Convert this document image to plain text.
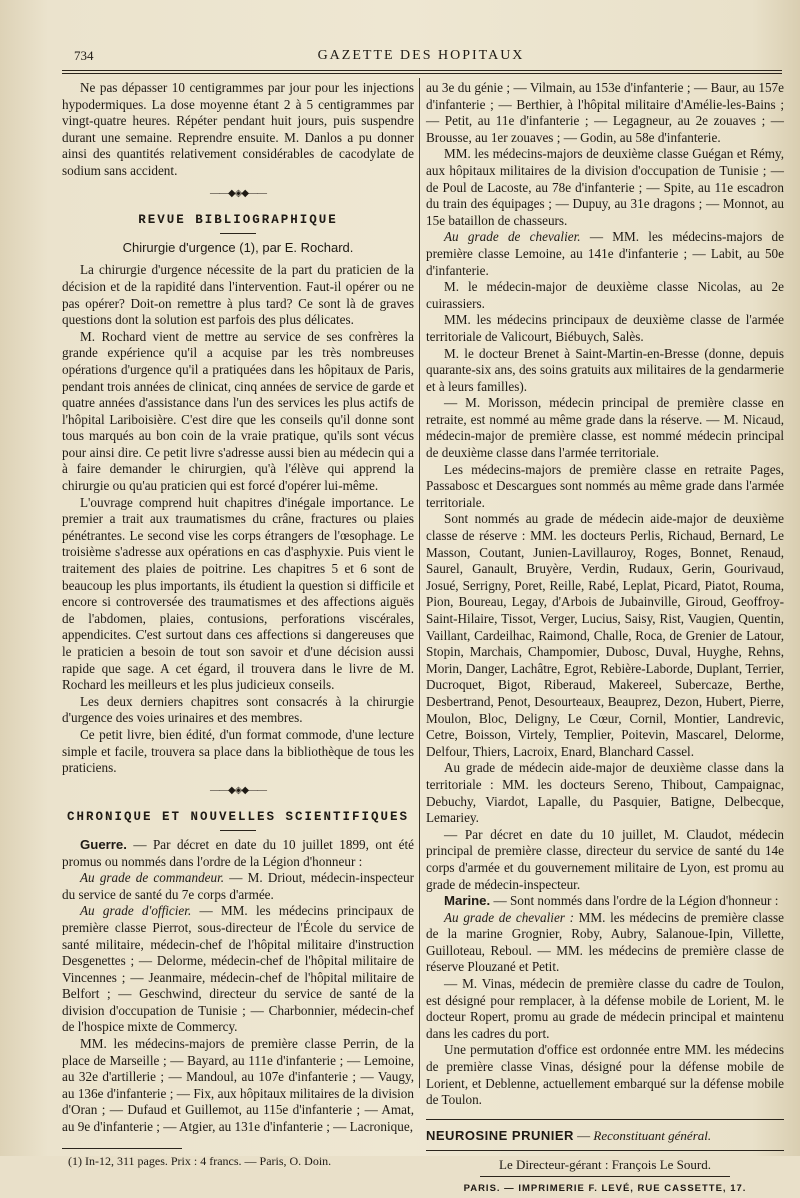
734	GAZETTE DES HOPITAUX

Ne pas dépasser 10 centigrammes par jour pour les injections hypodermiques. La dose moyenne étant 2 à 5 centigrammes par vingt-quatre heures. Répéter pendant huit jours, puis suspendre durant une semaine. Reprendre ensuite. M. Danlos a pu donner ainsi des quantités relativement considérables de cacodylate de sodium sans accident.

——◆◈◆——
REVUE BIBLIOGRAPHIQUE
Chirurgie d'urgence (1), par E. Rochard.

La chirurgie d'urgence nécessite de la part du praticien de la décision et de la rapidité dans l'intervention. Faut-il opérer ou ne pas opérer? Doit-on remettre à plus tard? Ce sont là de graves questions dont la solution est parfois des plus délicates.

M. Rochard vient de mettre au service de ses confrères la grande expérience qu'il a acquise par les très nombreuses opérations d'urgence qu'il a pratiquées dans les hôpitaux de Paris, pendant trois années de clinicat, cinq années de service de garde et quatre années d'assistance dans l'un des services les plus actifs de l'hôpital Lariboisière. C'est dire que les conseils qu'il donne sont tous marqués au bon coin de la vraie pratique, qu'ils sont vécus pour ainsi dire. Ce petit livre s'adresse aussi bien au médecin qui a à faire demander le chirurgien, qu'à l'élève qui apprend la chirurgie ou qu'au praticien qui est forcé d'opérer lui-même.

L'ouvrage comprend huit chapitres d'inégale importance. Le premier a trait aux traumatismes du crâne, fractures ou plaies pénétrantes. Le second vise les corps étrangers de l'œsophage. Le troisième s'adresse aux opérations en cas d'asphyxie. Puis vient le traitement des plaies de poitrine. Les chapitres 5 et 6 sont de beaucoup les plus importants, ils étudient la question si difficile et encore si controversée des traumatismes et des affections aiguës de l'abdomen, plaies, contusions, perforations viscérales, appendicites. C'est surtout dans ces affections si dangereuses que le praticien a besoin de tout son savoir et d'une décision aussi rapide que sage. A cet égard, il trouvera dans le livre de M. Rochard les meilleurs et les plus judicieux conseils.

Les deux derniers chapitres sont consacrés à la chirurgie d'urgence des voies urinaires et des membres.

Ce petit livre, bien édité, d'un format commode, d'une lecture simple et facile, trouvera sa place dans la bibliothèque de tous les praticiens.

——◆◈◆——
CHRONIQUE ET NOUVELLES SCIENTIFIQUES

Guerre. — Par décret en date du 10 juillet 1899, ont été promus ou nommés dans l'ordre de la Légion d'honneur :

Au grade de commandeur. — M. Driout, médecin-inspecteur du service de santé du 7e corps d'armée.

Au grade d'officier. — MM. les médecins principaux de première classe Pierrot, sous-directeur de l'École du service de santé militaire, médecin-chef de l'hôpital militaire d'instruction Desgenettes ; — Delorme, médecin-chef de l'hôpital militaire de Vincennes ; — Jeanmaire, médecin-chef de l'hôpital militaire de Belfort ; — Geschwind, directeur du service de santé de la division d'occupation de Tunisie ; — Charbonnier, médecin-chef de l'hospice mixte de Commercy.

MM. les médecins-majors de première classe Perrin, de la place de Marseille ; — Bayard, au 111e d'infanterie ; — Lemoine, au 32e d'artillerie ; — Mandoul, au 107e d'infanterie ; — Vaugy, au 136e d'infanterie ; — Fix, aux hôpitaux militaires de la division d'Oran ; — Dufaud et Guillemot, au 115e d'infanterie ; — Amat, au 9e d'infanterie ; — Atgier, au 131e d'infanterie ; — Lacronique,

(1) In-12, 311 pages. Prix : 4 francs. — Paris, O. Doin.

au 3e du génie ; — Vilmain, au 153e d'infanterie ; — Baur, au 157e d'infanterie ; — Berthier, à l'hôpital militaire d'Amélie-les-Bains ; — Petit, au 11e d'infanterie ; — Legagneur, au 2e zouaves ; — Brousse, au 1er zouaves ; — Godin, au 58e d'infanterie.

MM. les médecins-majors de deuxième classe Guégan et Rémy, aux hôpitaux militaires de la division d'occupation de Tunisie ; — de Poul de Lacoste, au 78e d'infanterie ; — Spite, au 11e escadron du train des équipages ; — Dupuy, au 31e dragons ; — Monnot, au 15e bataillon de chasseurs.

Au grade de chevalier. — MM. les médecins-majors de première classe Lemoine, au 141e d'infanterie ; — Labit, au 50e d'infanterie.

M. le médecin-major de deuxième classe Nicolas, au 2e cuirassiers.

MM. les médecins principaux de deuxième classe de l'armée territoriale de Valicourt, Biébuych, Salès.

M. le docteur Brenet à Saint-Martin-en-Bresse (donne, depuis quarante-six ans, des soins gratuits aux militaires de la gendarmerie et à leurs familles).

— M. Morisson, médecin principal de première classe en retraite, est nommé au même grade dans la réserve. — M. Nicaud, médecin-major de première classe, est nommé médecin principal de deuxième classe dans l'armée territoriale.

Les médecins-majors de première classe en retraite Pages, Passabosc et Descargues sont nommés au même grade dans l'armée territoriale.

Sont nommés au grade de médecin aide-major de deuxième classe de réserve : MM. les docteurs Perlis, Richaud, Bernard, Le Masson, Coutant, Junien-Lavillauroy, Roges, Bonnet, Renaud, Saurel, Ganault, Bruyère, Verdin, Rudaux, Gerin, Gourivaud, Josué, Serrigny, Poret, Reille, Rabé, Leplat, Picard, Piatot, Rouma, Pion, Boureau, Legay, d'Arbois de Jubainville, Giroud, Geoffroy-Saint-Hilaire, Tissot, Verger, Lucius, Saisy, Rist, Vaugien, Quentin, Vaillant, Cardeilhac, Raimond, Challe, Roca, de Grenier de Latour, Stopin, Marchais, Champomier, Dubosc, Duval, Huyghe, Rehns, Morin, Danger, Lachâtre, Egrot, Rebière-Laborde, Duplant, Terrier, Ducroquet, Bigot, Riberaud, Makereel, Subercaze, Berthe, Desbertrand, Penot, Desourteaux, Beauprez, Dezon, Hubert, Pierre, Moulon, Bloc, Deligny, Le Cœur, Cornil, Montier, Landrevic, Cetre, Boisson, Virtely, Templier, Poitevin, Mascarel, Delorme, Delfour, Thiers, Lacroix, Enard, Blanchard Cassel.

Au grade de médecin aide-major de deuxième classe dans la territoriale : MM. les docteurs Sereno, Thibout, Campaignac, Debuchy, Viardot, Lapalle, du Pasquier, Batigne, Delbecque, Lemariey.

— Par décret en date du 10 juillet, M. Claudot, médecin principal de première classe, directeur du service de santé du 14e corps d'armée et du gouvernement militaire de Lyon, est promu au grade de médecin-inspecteur.

Marine. — Sont nommés dans l'ordre de la Légion d'honneur :

Au grade de chevalier : MM. les médecins de première classe de la marine Grognier, Roby, Aubry, Salanoue-Ipin, Villette, Guilloteau, Reboul. — MM. les médecins de première classe de réserve Plouzané et Petit.

— M. Vinas, médecin de première classe du cadre de Toulon, est désigné pour remplacer, à la défense mobile de Lorient, M. le docteur Ropert, promu au grade de médecin principal et maintenu dans les cadres du port.

Une permutation d'office est ordonnée entre MM. les médecins de première classe Vinas, désigné pour la défense mobile de Lorient, et Deblenne, actuellement embarqué sur la défense mobile de Toulon.

NEUROSINE PRUNIER — Reconstituant général.

Le Directeur-gérant : François Le Sourd.

PARIS. — IMPRIMERIE F. LEVÉ, RUE CASSETTE, 17.
